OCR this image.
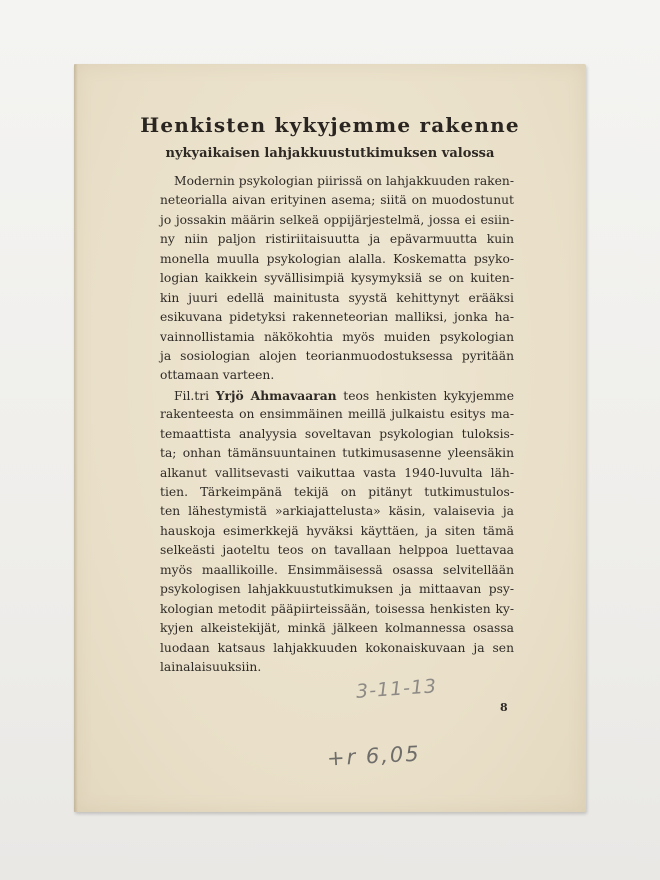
Henkisten kykyjemme rakenne
nykyaikaisen lahjakkuustutkimuksen valossa
Modernin psykologian piirissä on lahjakkuuden raken-
neteorialla aivan erityinen asema; siitä on muodostunut
jo jossakin määrin selkeä oppijärjestelmä, jossa ei esiin-
ny niin paljon ristiriitaisuutta ja epävarmuutta kuin
monella muulla psykologian alalla. Koskematta psyko-
logian kaikkein syvällisimpiä kysymyksiä se on kuiten-
kin juuri edellä mainitusta syystä kehittynyt erääksi
esikuvana pidetyksi rakenneteorian malliksi, jonka ha-
vainnollistamia näkökohtia myös muiden psykologian
ja sosiologian alojen teorianmuodostuksessa pyritään
ottamaan varteen.
Fil.tri Yrjö Ahmavaaran teos henkisten kykyjemme
rakenteesta on ensimmäinen meillä julkaistu esitys ma-
temaattista analyysia soveltavan psykologian tuloksis-
ta; onhan tämänsuuntainen tutkimusasenne yleensäkin
alkanut vallitsevasti vaikuttaa vasta 1940-luvulta läh-
tien. Tärkeimpänä tekijä on pitänyt tutkimustulos-
ten lähestymistä »arkiajattelusta» käsin, valaisevia ja
hauskoja esimerkkejä hyväksi käyttäen, ja siten tämä
selkeästi jaoteltu teos on tavallaan helppoa luettavaa
myös maallikoille. Ensimmäisessä osassa selvitellään
psykologisen lahjakkuustutkimuksen ja mittaavan psy-
kologian metodit pääpiirteissään, toisessa henkisten ky-
kyjen alkeistekijät, minkä jälkeen kolmannessa osassa
luodaan katsaus lahjakkuuden kokonaiskuvaan ja sen
lainalaisuuksiin.
3-11-13
8
+r 6,05
